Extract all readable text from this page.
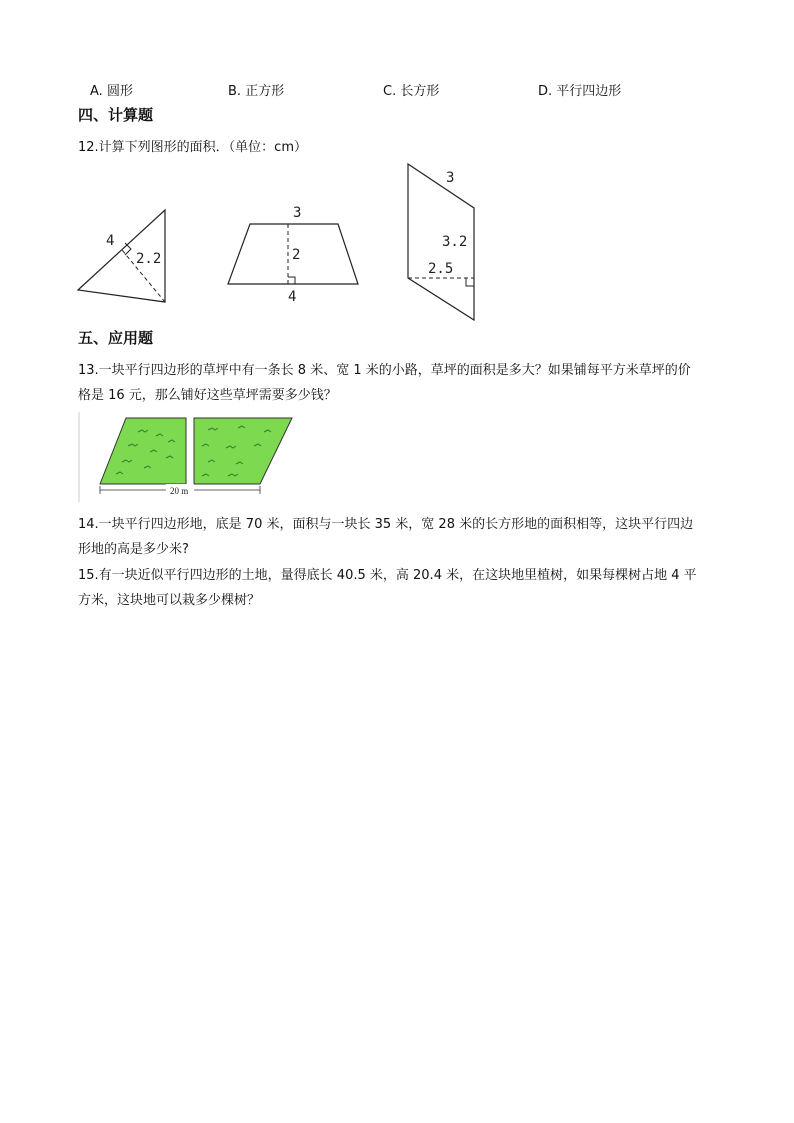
A. 圆形	B. 正方形	C. 长方形	D. 平行四边形
四、计算题
12.计算下列图形的面积．（单位：cm）
4
2.2
3
2
4
3
3.2
2.5
五、应用题
13.一块平行四边形的草坪中有一条长 8 米、宽 1 米的小路，草坪的面积是多大？如果铺每平方米草坪的价
格是 16 元，那么铺好这些草坪需要多少钱？
20 m
14.一块平行四边形地，底是 70 米，面积与一块长 35 米，宽 28 米的长方形地的面积相等，这块平行四边
形地的高是多少米?
15.有一块近似平行四边形的土地，量得底长 40.5 米，高 20.4 米，在这块地里植树，如果每棵树占地 4 平
方米，这块地可以栽多少棵树？
